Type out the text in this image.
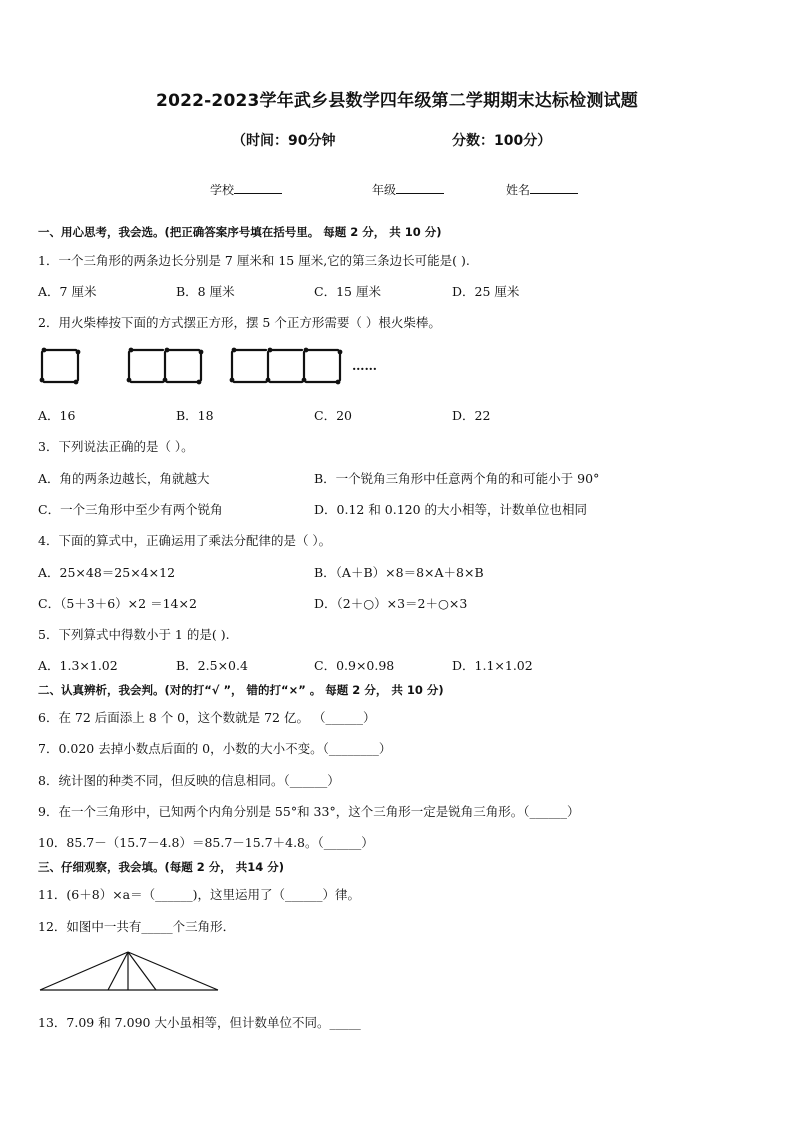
2022-2023学年武乡县数学四年级第二学期期末达标检测试题
（时间：90分钟	分数：100分）
学校	年级	姓名
一、用心思考，我会选。(把正确答案序号填在括号里。 每题 2 分， 共 10 分)
1．一个三角形的两条边长分别是 7 厘米和 15 厘米,它的第三条边长可能是( ).
A．7 厘米	B．8 厘米	C．15 厘米	D．25 厘米
2．用火柴棒按下面的方式摆正方形，摆 5 个正方形需要（ ）根火柴棒。
……
A．16	B．18	C．20	D．22
3．下列说法正确的是（ ）。
A．角的两条边越长，角就越大	B．一个锐角三角形中任意两个角的和可能小于 90°
C．一个三角形中至少有两个锐角	D．0.12 和 0.120 的大小相等，计数单位也相同
4．下面的算式中，正确运用了乘法分配律的是（ ）。
A．25×48＝25×4×12	B．（A＋B）×8＝8×A＋8×B
C．（5＋3＋6）×2 ＝14×2	D．（2＋○）×3＝2＋○×3
5．下列算式中得数小于 1 的是( ).
A．1.3×1.02	B．2.5×0.4	C．0.9×0.98	D．1.1×1.02
二、认真辨析，我会判。(对的打“√ ”， 错的打“×” 。 每题 2 分， 共 10 分)
6．在 72 后面添上 8 个 0，这个数就是 72 亿。 （______）
7．0.020 去掉小数点后面的 0，小数的大小不变。（________）
8．统计图的种类不同，但反映的信息相同。（______）
9．在一个三角形中，已知两个内角分别是 55°和 33°，这个三角形一定是锐角三角形。（______）
10．85.7－（15.7－4.8）＝85.7－15.7＋4.8。（______）
三、仔细观察，我会填。(每题 2 分， 共14 分)
11．(6＋8）×a＝（______)，这里运用了（______）律。
12．如图中一共有_____个三角形．
13．7.09 和 7.090 大小虽相等，但计数单位不同。_____
